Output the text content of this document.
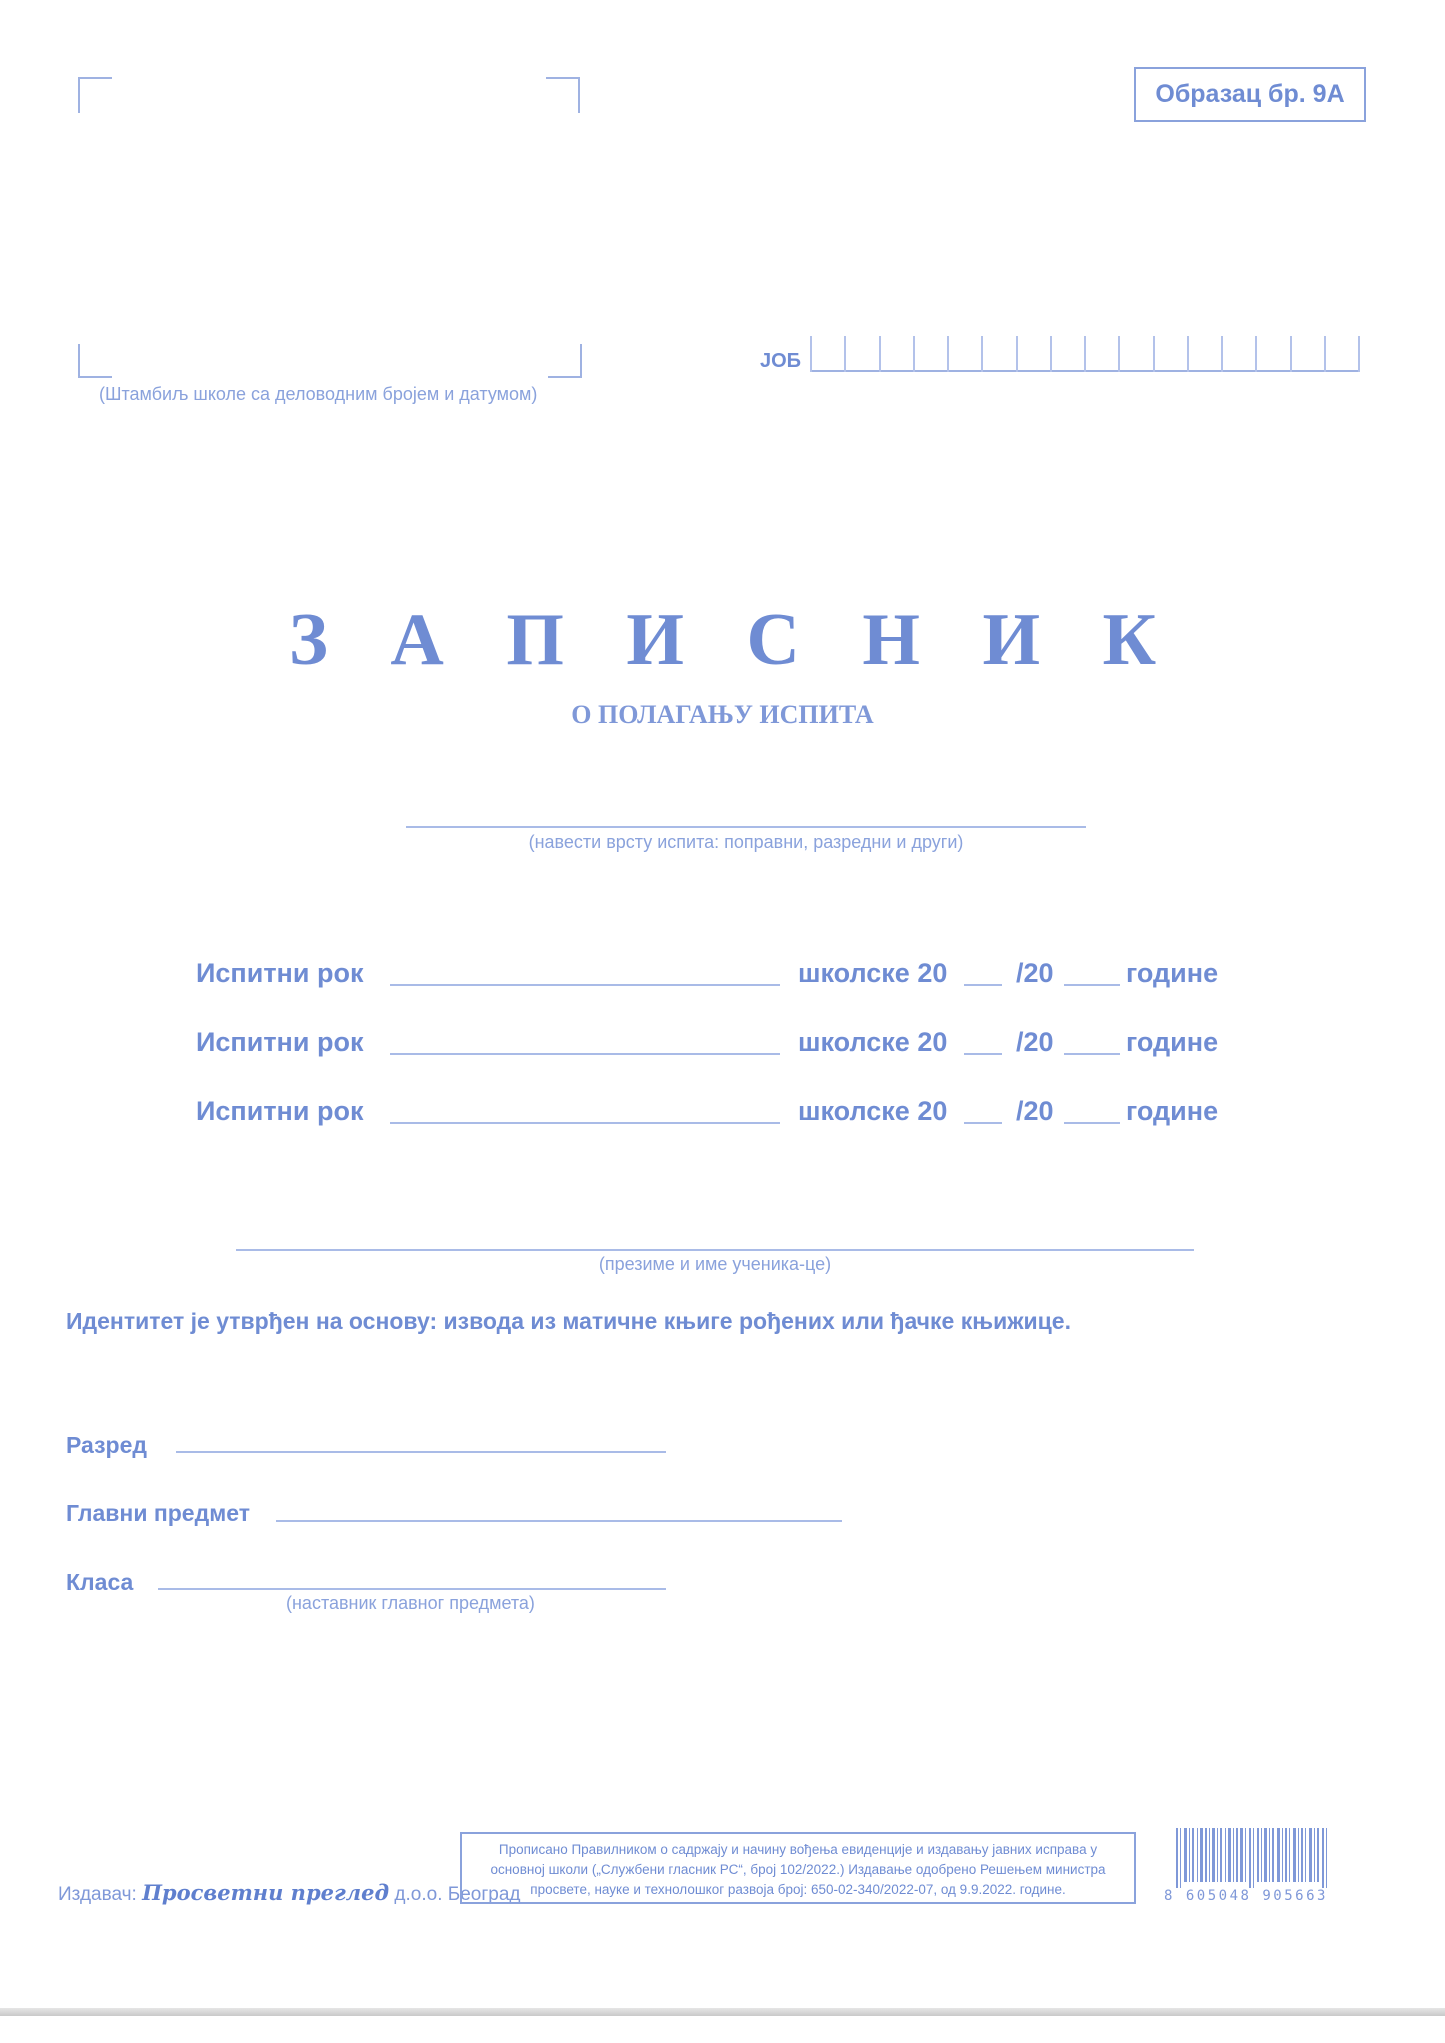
Образац бр. 9А
(Штамбиљ школе са деловодним бројем и датумом)
ЈОБ
З А П И С Н И К
О ПОЛАГАЊУ ИСПИТА
(навести врсту испита: поправни, разредни и други)
Испитни рок	школске 20	/20	године
Испитни рок	школске 20	/20	године
Испитни рок	школске 20	/20	године
(презиме и име ученика-це)
Идентитет је утврђен на основу: извода из матичне књиге рођених или ђачке књижице.
Разред
Главни предмет
Класа
(наставник главног предмета)
Издавач: Просветни преглед д.о.о. Београд
Прописано Правилником о садржају и начину вођења евиденције и издавању јавних исправа у основној школи („Службени гласник РС“, број 102/2022.) Издавање одобрено Решењем министра просвете, науке и технолошког развоја број: 650-02-340/2022-07, од 9.9.2022. године.	8 605048 905663
